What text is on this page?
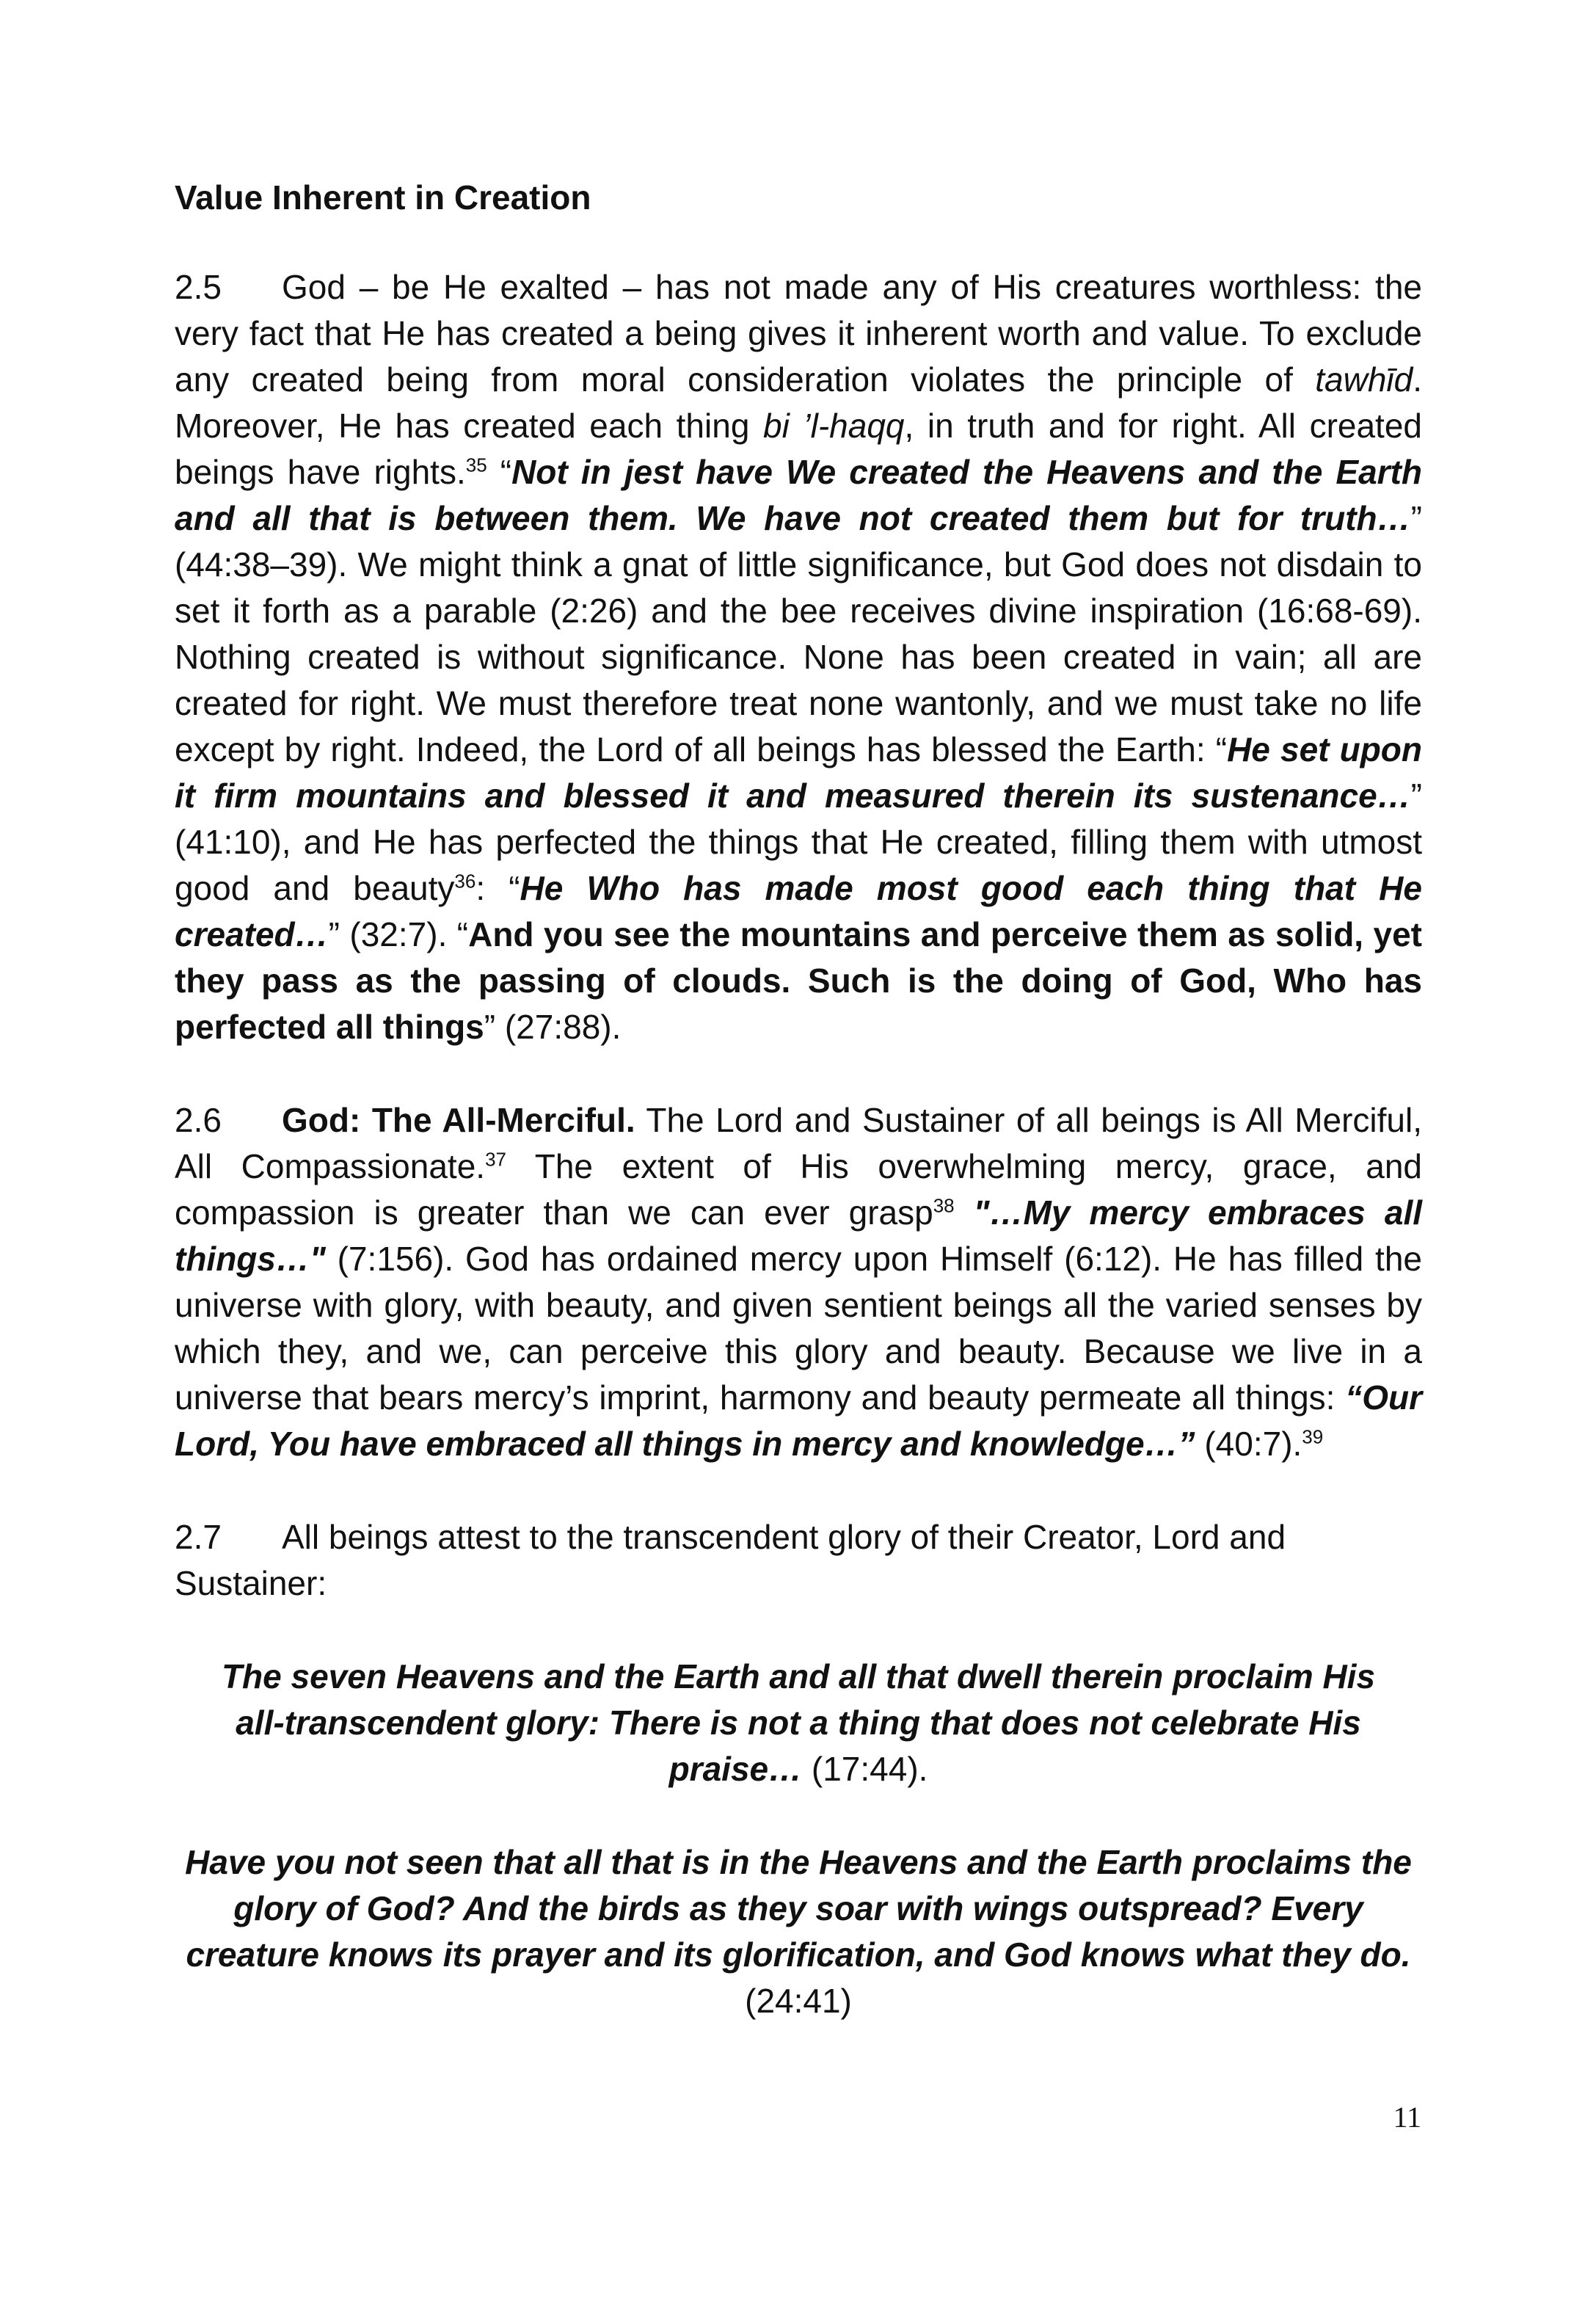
Value Inherent in Creation

2.5 God – be He exalted – has not made any of His creatures worthless: the very fact that He has created a being gives it inherent worth and value. To exclude any created being from moral consideration violates the principle of tawhīd. Moreover, He has created each thing bi ’l-haqq, in truth and for right. All created beings have rights.$^{35}$ “Not in jest have We created the Heavens and the Earth and all that is between them. We have not created them but for truth…” (44:38–39). We might think a gnat of little significance, but God does not disdain to set it forth as a parable (2:26) and the bee receives divine inspiration (16:68-69). Nothing created is without significance. None has been created in vain; all are created for right. We must therefore treat none wantonly, and we must take no life except by right. Indeed, the Lord of all beings has blessed the Earth: “He set upon it firm mountains and blessed it and measured therein its sustenance…” (41:10), and He has perfected the things that He created, filling them with utmost good and beauty$^{36}$: “He Who has made most good each thing that He created…” (32:7). “And you see the mountains and perceive them as solid, yet they pass as the passing of clouds. Such is the doing of God, Who has perfected all things” (27:88).

2.6 God: The All-Merciful. The Lord and Sustainer of all beings is All Merciful, All Compassionate.$^{37}$ The extent of His overwhelming mercy, grace, and compassion is greater than we can ever grasp$^{38}$ "…My mercy embraces all things…" (7:156). God has ordained mercy upon Himself (6:12). He has filled the universe with glory, with beauty, and given sentient beings all the varied senses by which they, and we, can perceive this glory and beauty. Because we live in a universe that bears mercy’s imprint, harmony and beauty permeate all things: “Our Lord, You have embraced all things in mercy and knowledge…” (40:7).$^{39}$

2.7 All beings attest to the transcendent glory of their Creator, Lord and Sustainer:

The seven Heavens and the Earth and all that dwell therein proclaim His all-transcendent glory: There is not a thing that does not celebrate His praise… (17:44).

Have you not seen that all that is in the Heavens and the Earth proclaims the glory of God? And the birds as they soar with wings outspread? Every creature knows its prayer and its glorification, and God knows what they do. (24:41)

11
